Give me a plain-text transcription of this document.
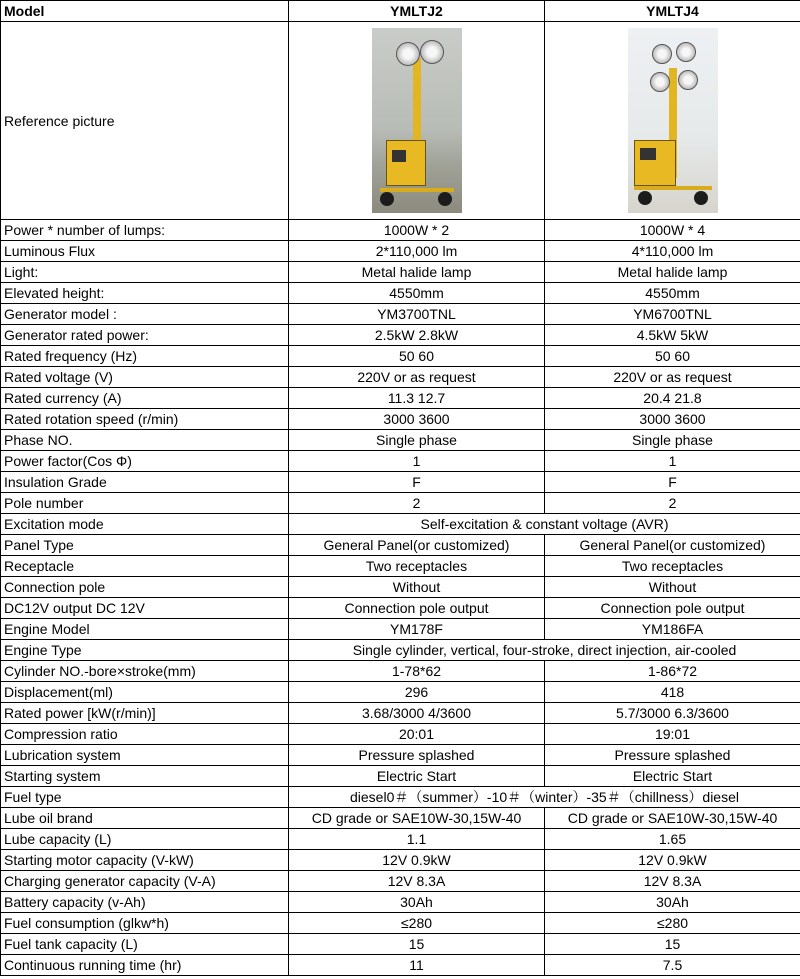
Model	YMLTJ2	YMLTJ4
Reference picture	

Power * number of lumps:	1000W * 2	1000W * 4
Luminous Flux	2*110,000 lm	4*110,000 lm
Light:	Metal halide lamp	Metal halide lamp
Elevated height:	4550mm	4550mm
Generator model :	YM3700TNL	YM6700TNL
Generator rated power:	2.5kW 2.8kW	4.5kW 5kW
Rated frequency (Hz)	50 60	50 60
Rated voltage (V)	220V or as request	220V or as request
Rated currency (A)	11.3 12.7	20.4 21.8
Rated rotation speed (r/min)	3000 3600	3000 3600
Phase NO.	Single phase	Single phase
Power factor(Cos Φ)	1	1
Insulation Grade	F	F
Pole number	2	2
Excitation mode	Self-excitation & constant voltage (AVR)	
Panel Type	General Panel(or customized)	General Panel(or customized)
Receptacle	Two receptacles	Two receptacles
Connection pole	Without	Without
DC12V output DC 12V	Connection pole output	Connection pole output
Engine Model	YM178F	YM186FA
Engine Type	Single cylinder, vertical, four-stroke, direct injection, air-cooled	
Cylinder NO.-bore×stroke(mm)	1-78*62	1-86*72
Displacement(ml)	296	418
Rated power [kW(r/min)]	3.68/3000 4/3600	5.7/3000 6.3/3600
Compression ratio	20:01	19:01
Lubrication system	Pressure splashed	Pressure splashed
Starting system	Electric Start	Electric Start
Fuel type	diesel0＃（summer）-10＃（winter）-35＃（chillness）diesel	
Lube oil brand	CD grade or SAE10W-30,15W-40	CD grade or SAE10W-30,15W-40
Lube capacity (L)	1.1	1.65
Starting motor capacity (V-kW)	12V 0.9kW	12V 0.9kW
Charging generator capacity (V-A)	12V 8.3A	12V 8.3A
Battery capacity (v-Ah)	30Ah	30Ah
Fuel consumption (glkw*h)	≤280	≤280
Fuel tank capacity (L)	15	15
Continuous running time (hr)	11	7.5
